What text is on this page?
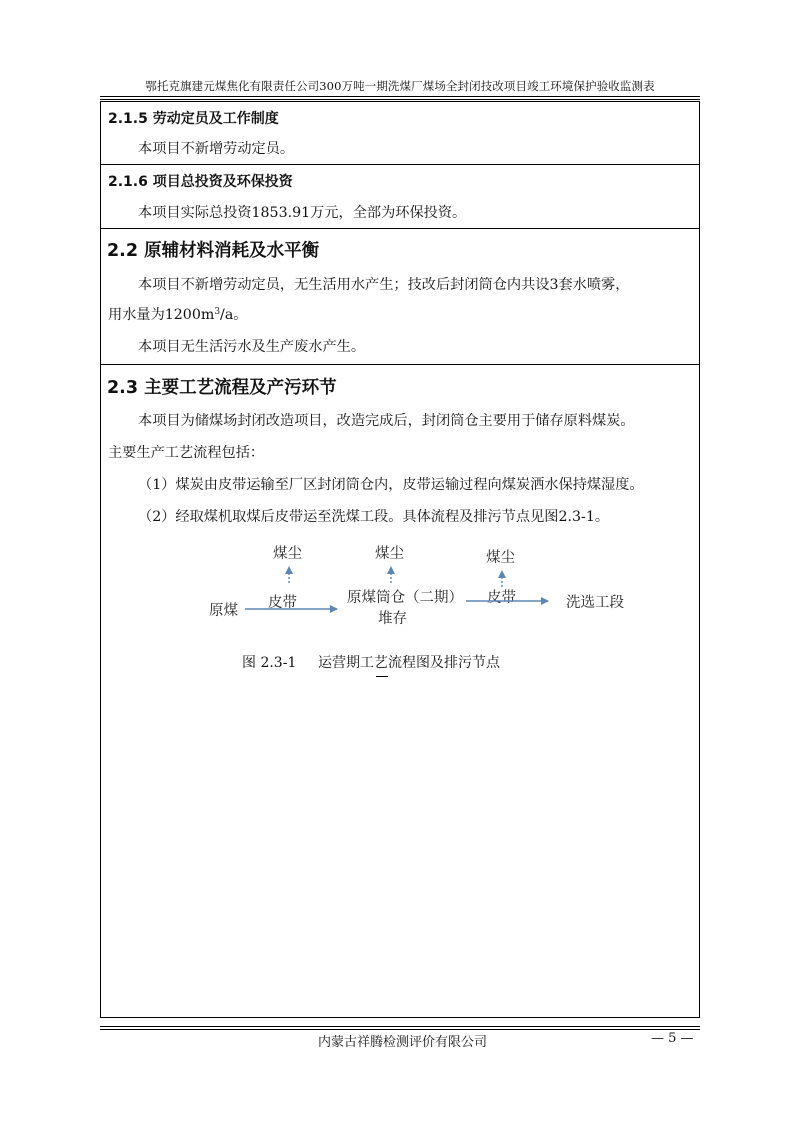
鄂托克旗建元煤焦化有限责任公司300万吨一期洗煤厂煤场全封闭技改项目竣工环境保护验收监测表
2.1.5 劳动定员及工作制度
本项目不新增劳动定员。
2.1.6 项目总投资及环保投资
本项目实际总投资1853.91万元，全部为环保投资。
2.2 原辅材料消耗及水平衡
本项目不新增劳动定员，无生活用水产生；技改后封闭筒仓内共设3套水喷雾，
用水量为$1200m^3/a$。
本项目无生活污水及生产废水产生。
2.3 主要工艺流程及产污环节
本项目为储煤场封闭改造项目，改造完成后，封闭筒仓主要用于储存原料煤炭。
主要生产工艺流程包括：
（1）煤炭由皮带运输至厂区封闭筒仓内，皮带运输过程向煤炭洒水保持煤湿度。
（2）经取煤机取煤后皮带运至洗煤工段。具体流程及排污节点见图2.3-1。
煤尘	煤尘	煤尘
原煤 皮带	原煤筒仓（二期）
堆存
皮带	洗选工段
图 2.3-1 运营期工艺流程图及排污节点
内蒙古祥腾检测评价有限公司	— 5 —
